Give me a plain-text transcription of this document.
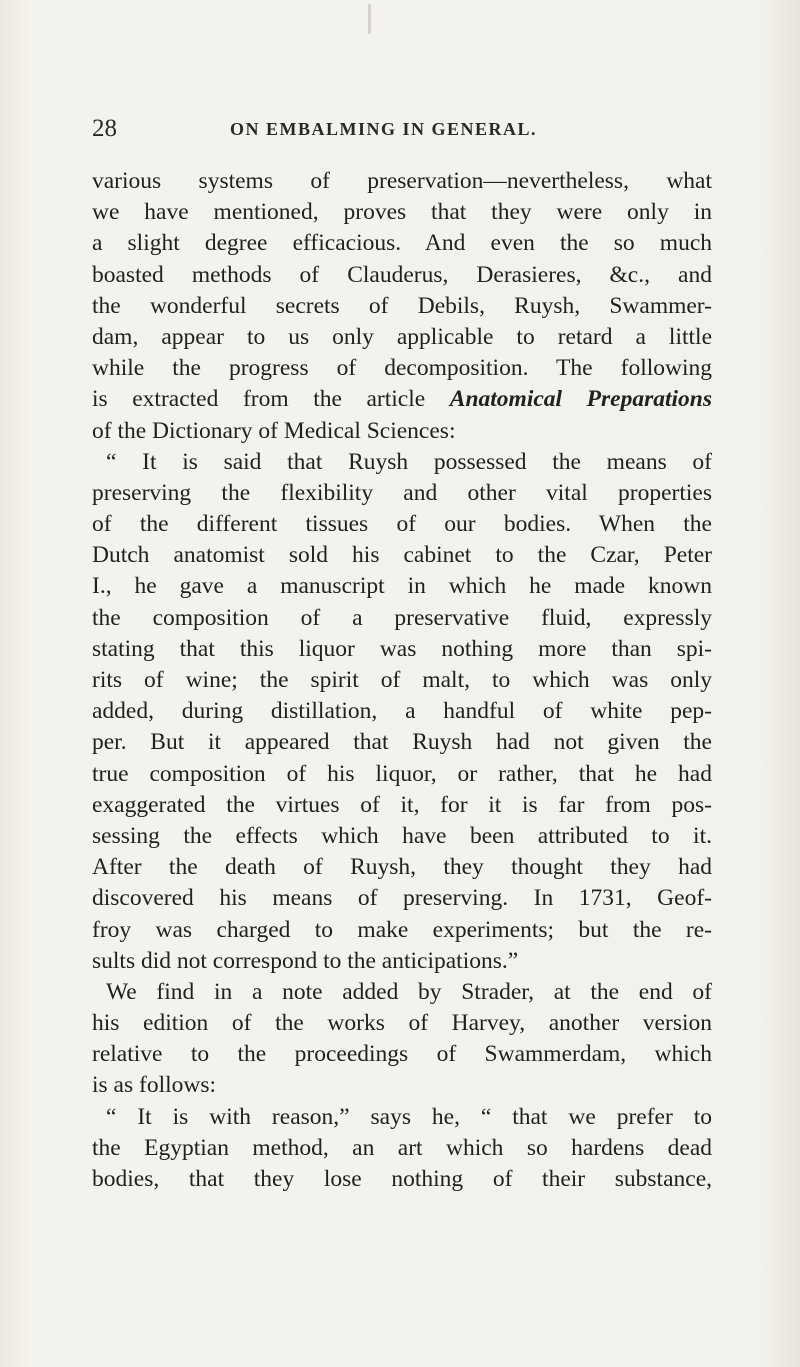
28	ON EMBALMING IN GENERAL.
various systems of preservation—nevertheless, what
we have mentioned, proves that they were only in
a slight degree efficacious. And even the so much
boasted methods of Clauderus, Derasieres, &c., and
the wonderful secrets of Debils, Ruysh, Swammer-
dam, appear to us only applicable to retard a little
while the progress of decomposition. The following
is extracted from the article Anatomical Preparations
of the Dictionary of Medical Sciences:
“ It is said that Ruysh possessed the means of
preserving the flexibility and other vital properties
of the different tissues of our bodies. When the
Dutch anatomist sold his cabinet to the Czar, Peter
I., he gave a manuscript in which he made known
the composition of a preservative fluid, expressly
stating that this liquor was nothing more than spi-
rits of wine; the spirit of malt, to which was only
added, during distillation, a handful of white pep-
per. But it appeared that Ruysh had not given the
true composition of his liquor, or rather, that he had
exaggerated the virtues of it, for it is far from pos-
sessing the effects which have been attributed to it.
After the death of Ruysh, they thought they had
discovered his means of preserving. In 1731, Geof-
froy was charged to make experiments; but the re-
sults did not correspond to the anticipations.”
We find in a note added by Strader, at the end of
his edition of the works of Harvey, another version
relative to the proceedings of Swammerdam, which
is as follows:
“ It is with reason,” says he, “ that we prefer to
the Egyptian method, an art which so hardens dead
bodies, that they lose nothing of their substance,
